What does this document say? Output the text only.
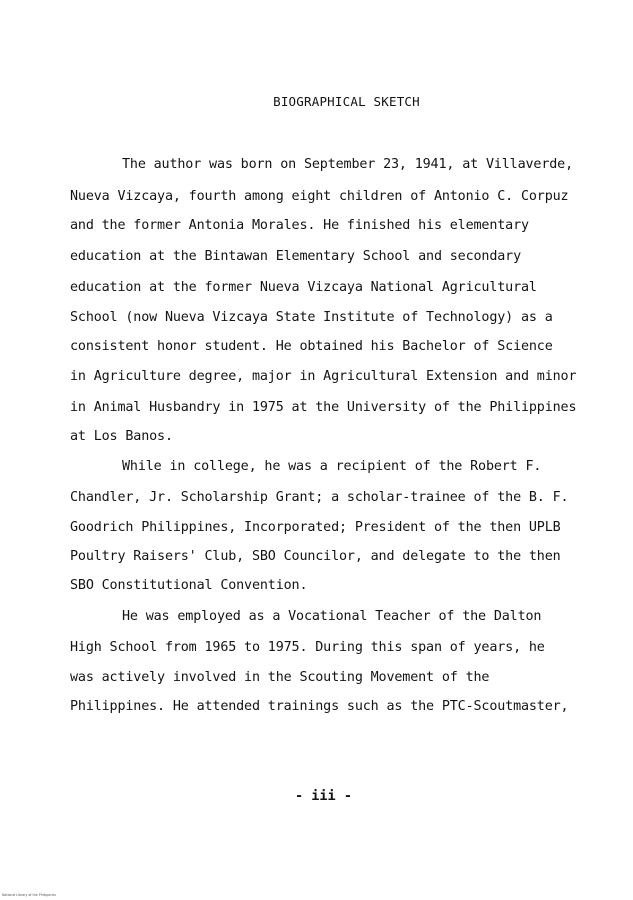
BIOGRAPHICAL SKETCH
The author was born on September 23, 1941, at Villaverde,
Nueva Vizcaya, fourth among eight children of Antonio C. Corpuz
and the former Antonia Morales. He finished his elementary
education at the Bintawan Elementary School and secondary
education at the former Nueva Vizcaya National Agricultural
School (now Nueva Vizcaya State Institute of Technology) as a
consistent honor student. He obtained his Bachelor of Science
in Agriculture degree, major in Agricultural Extension and minor
in Animal Husbandry in 1975 at the University of the Philippines
at Los Banos.
While in college, he was a recipient of the Robert F.
Chandler, Jr. Scholarship Grant; a scholar-trainee of the B. F.
Goodrich Philippines, Incorporated; President of the then UPLB
Poultry Raisers' Club, SBO Councilor, and delegate to the then
SBO Constitutional Convention.
He was employed as a Vocational Teacher of the Dalton
High School from 1965 to 1975. During this span of years, he
was actively involved in the Scouting Movement of the
Philippines. He attended trainings such as the PTC-Scoutmaster,
- iii -
National Library of the Philippines
